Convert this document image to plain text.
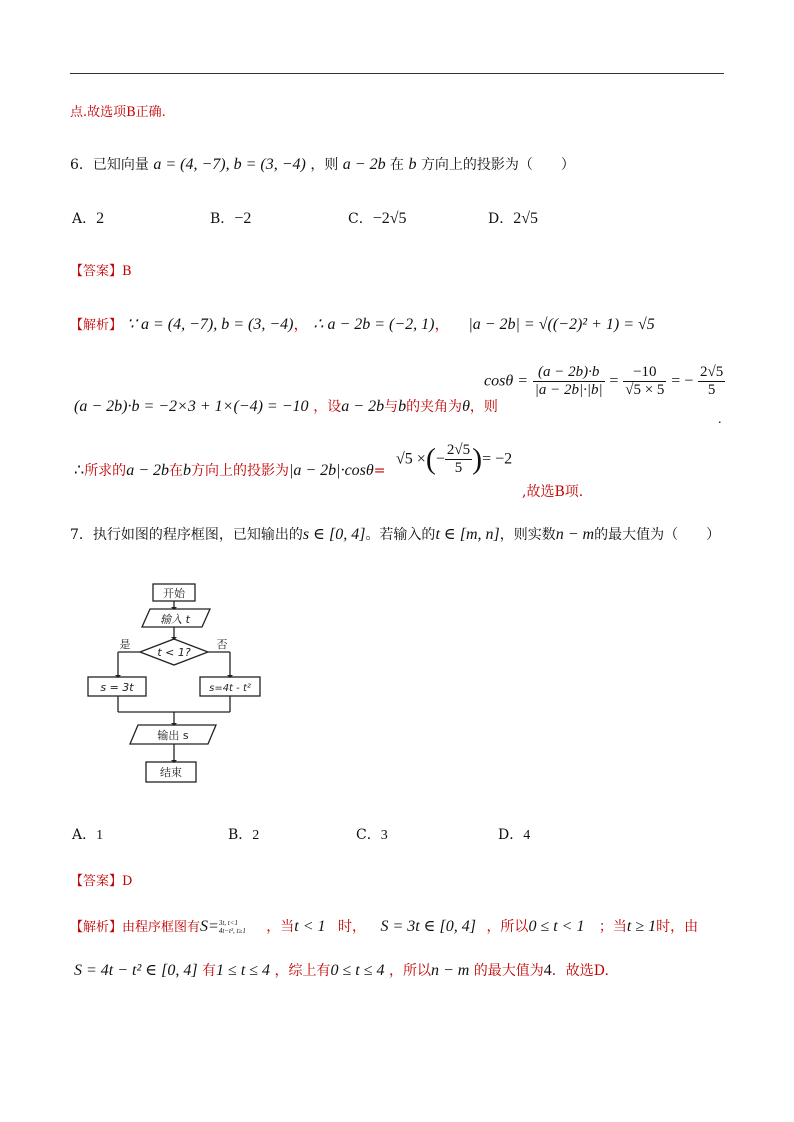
点.故选项B正确.
6．已知向量 a = (4, −7), b = (3, −4) ，则 a − 2b 在 b 方向上的投影为（　　）
A．2	B．−2	C．−2√5	D．2√5
【答案】B
【解析】 ∵ a = (4, −7), b = (3, −4)， ∴ a − 2b = (−2, 1)， |a − 2b| = √((−2)² + 1) = √5
(a − 2b)·b = −2×3 + 1×(−4) = −10 ，设a − 2b与b的夹角为θ，则
$\cos\theta = \frac{(a - 2b)\cdot b}{|a - 2b|\cdot|b|} = \frac{-10}{√5 \times 5}$ = − $\frac{2√5}{5}$
.
∴所求的a − 2b在b方向上的投影为|a − 2b|·cosθ=
√5 ×(− $\frac{2√5}{5}$ )= −2
,故选B项.
7．执行如图的程序框图，已知输出的s ∈ [0, 4]。若输入的t ∈ [m, n]，则实数n − m的最大值为（　　）
开始
输入 t
t < 1?
是	否
s = 3t	s=4t - t²
输出 s
结束
A．1	B．2	C．3	D．4
【答案】D
【解析】由程序框图有S= 3t, t<1
4t−t², t≥1 ，当t < 1 时， S = 3t ∈ [0, 4] ，所以0 ≤ t < 1 ；当t ≥ 1时，由
S = 4t − t² ∈ [0, 4] 有1 ≤ t ≤ 4 ，综上有0 ≤ t ≤ 4 ，所以n − m 的最大值为4．故选D.
